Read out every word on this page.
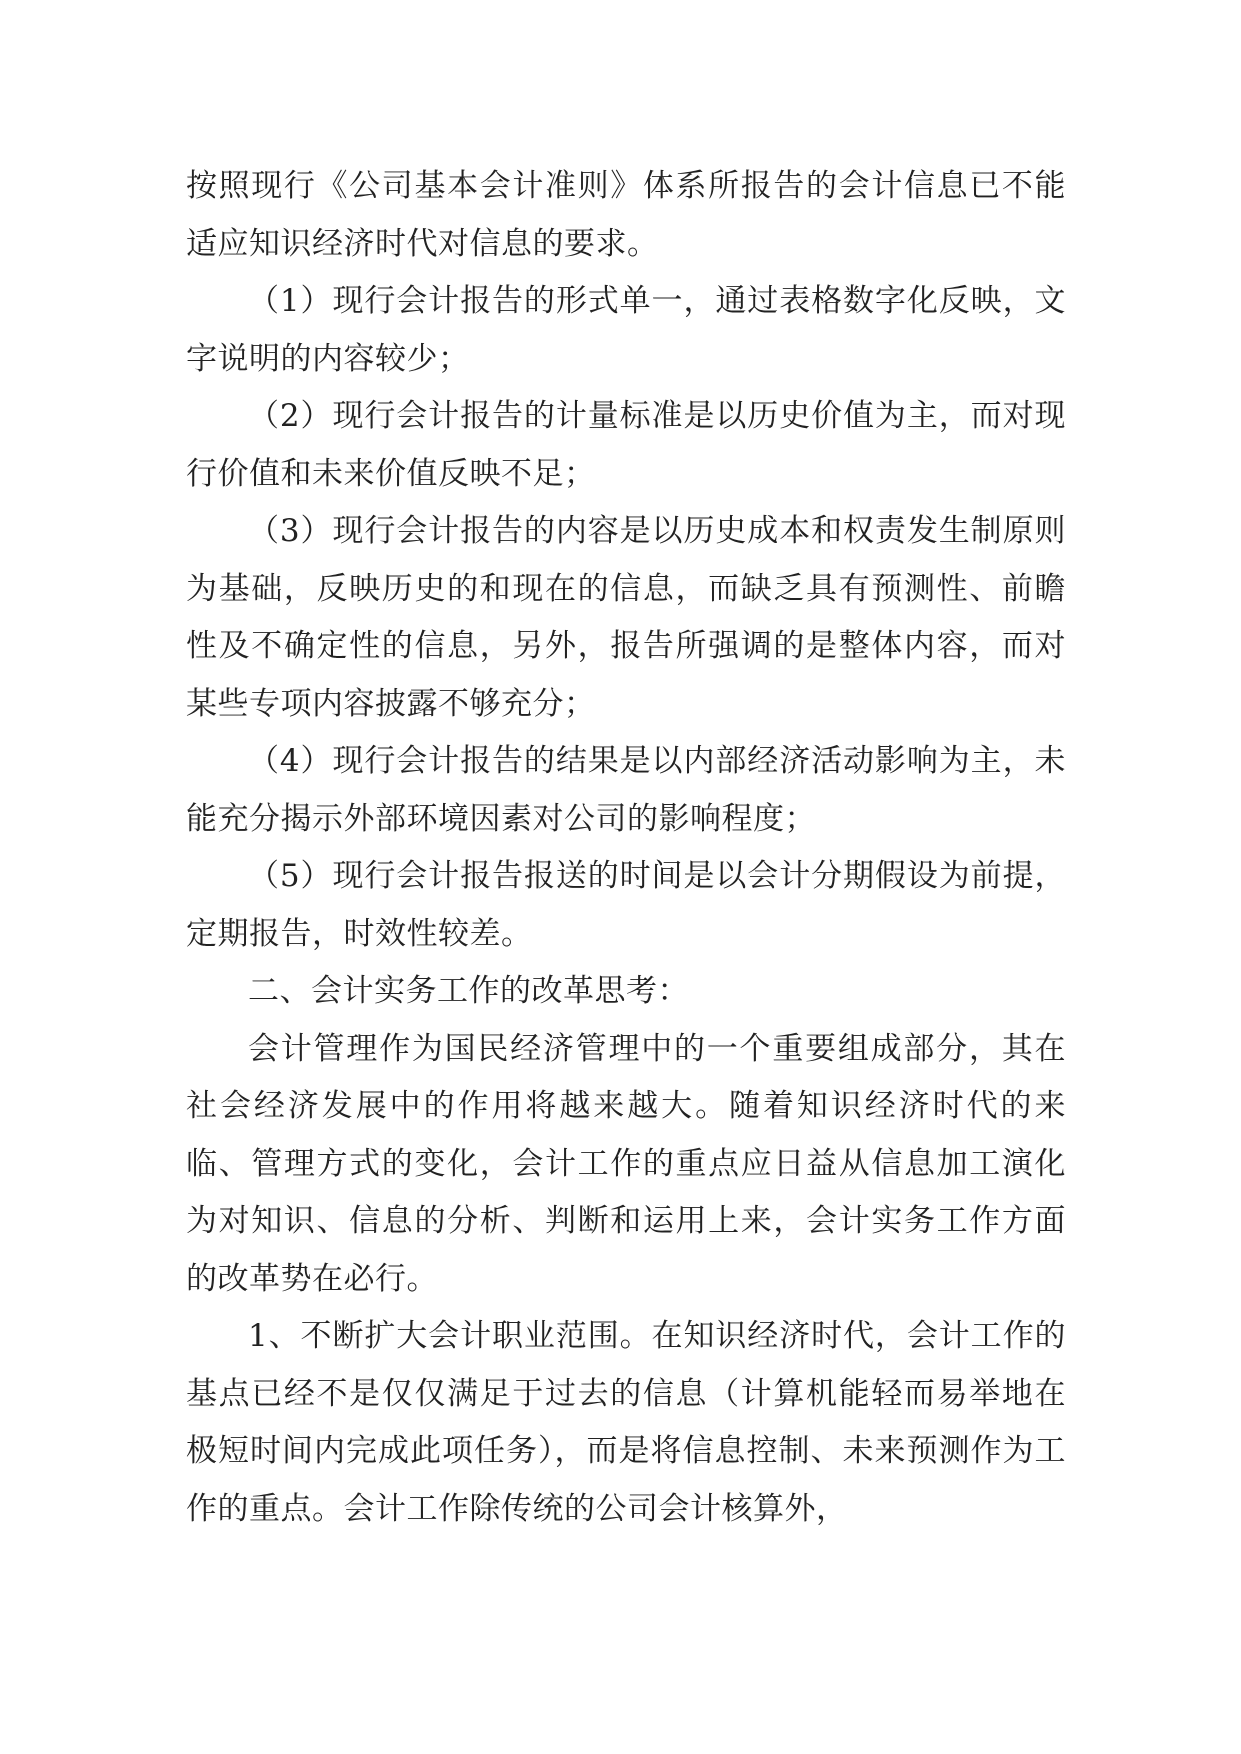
按照现行《公司基本会计准则》体系所报告的会计信息已不能适应知识经济时代对信息的要求。

（1）现行会计报告的形式单一，通过表格数字化反映，文字说明的内容较少；

（2）现行会计报告的计量标准是以历史价值为主，而对现行价值和未来价值反映不足；

（3）现行会计报告的内容是以历史成本和权责发生制原则为基础，反映历史的和现在的信息，而缺乏具有预测性、前瞻性及不确定性的信息，另外，报告所强调的是整体内容，而对某些专项内容披露不够充分；

（4）现行会计报告的结果是以内部经济活动影响为主，未能充分揭示外部环境因素对公司的影响程度；

（5）现行会计报告报送的时间是以会计分期假设为前提，定期报告，时效性较差。

二、会计实务工作的改革思考：

会计管理作为国民经济管理中的一个重要组成部分，其在社会经济发展中的作用将越来越大。随着知识经济时代的来临、管理方式的变化，会计工作的重点应日益从信息加工演化为对知识、信息的分析、判断和运用上来，会计实务工作方面的改革势在必行。

1、不断扩大会计职业范围。在知识经济时代，会计工作的基点已经不是仅仅满足于过去的信息（计算机能轻而易举地在极短时间内完成此项任务），而是将信息控制、未来预测作为工作的重点。会计工作除传统的公司会计核算外，
